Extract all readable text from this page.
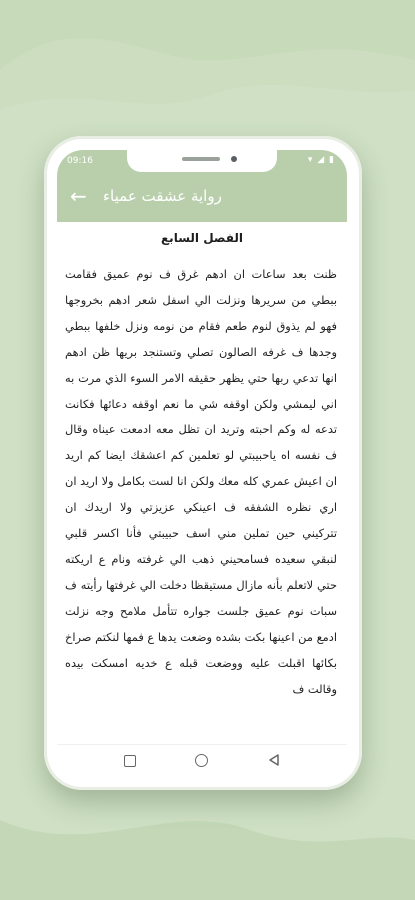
09:16	▾ ◢ ▮
← رواية عشقت عمياء
الفصل السابع

ظنت بعد ساعات ان ادهم غرق ف نوم عميق فقامت ببطي من سريرها ونزلت الي اسفل شعر ادهم بخروجها فهو لم يذوق لنوم طعم فقام من نومه ونزل خلفها ببطي وجدها ف غرفه الصالون تصلي وتستنجد بريها ظن ادهم انها تدعي ربها حتي يظهر حقيقه الامر السوء الذي مرت به اني ليمشي ولكن اوقفه شي ما نعم اوقفه دعائها فكانت تدعه له وكم احبته وتريد ان تظل معه ادمعت عيناه وقال ف نفسه اه ياحبيبتي لو تعلمين كم اعشقك ايضا كم اريد ان اعيش عمري كله معك ولكن انا لست بكامل ولا اريد ان اري نظره الشفقه ف اعينكي عزيزتي ولا اريدك ان تتركيني حين تملين مني اسف حبيبتي فأنا اكسر قلبي لنبقي سعيده فسامحيني ذهب الي غرفته ونام ع اريكته حتي لاتعلم بأنه مازال مستيقظا دخلت الي غرفتها رأيته ف سبات نوم عميق جلست جواره تتأمل ملامح وجه نزلت ادمع من اعينها بكت بشده وضعت يدها ع فمها لنكتم صراخ بكائها اقبلت عليه ووضعت قبله ع خديه امسكت بيده وقالت ف
